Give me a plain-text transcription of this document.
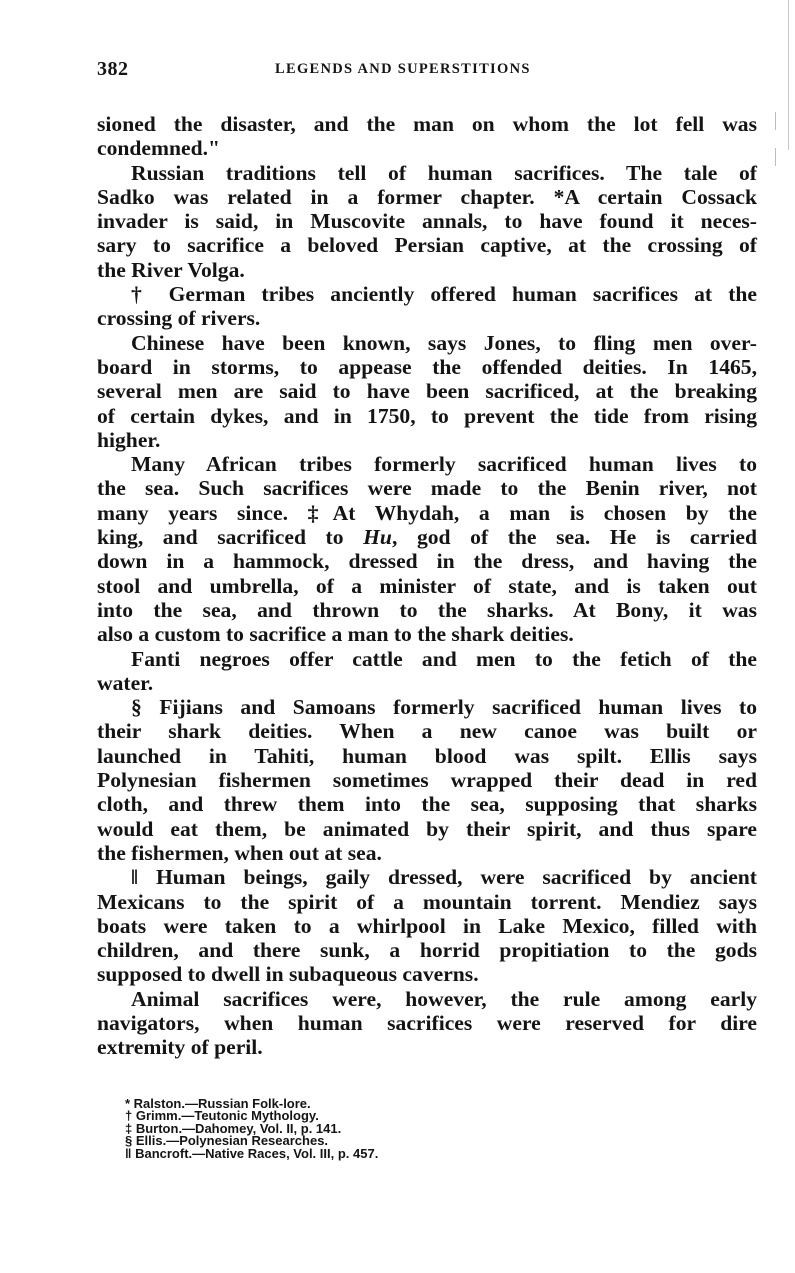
382	LEGENDS AND SUPERSTITIONS
sioned the disaster, and the man on whom the lot fell was
condemned."
Russian traditions tell of human sacrifices. The tale of
Sadko was related in a former chapter. *A certain Cossack
invader is said, in Muscovite annals, to have found it neces-
sary to sacrifice a beloved Persian captive, at the crossing of
the River Volga.
† German tribes anciently offered human sacrifices at the
crossing of rivers.
Chinese have been known, says Jones, to fling men over-
board in storms, to appease the offended deities. In 1465,
several men are said to have been sacrificed, at the breaking
of certain dykes, and in 1750, to prevent the tide from rising
higher.
Many African tribes formerly sacrificed human lives to
the sea. Such sacrifices were made to the Benin river, not
many years since. ‡At Whydah, a man is chosen by the
king, and sacrificed to Hu, god of the sea. He is carried
down in a hammock, dressed in the dress, and having the
stool and umbrella, of a minister of state, and is taken out
into the sea, and thrown to the sharks. At Bony, it was
also a custom to sacrifice a man to the shark deities.
Fanti negroes offer cattle and men to the fetich of the
water.
§ Fijians and Samoans formerly sacrificed human lives to
their shark deities. When a new canoe was built or
launched in Tahiti, human blood was spilt. Ellis says
Polynesian fishermen sometimes wrapped their dead in red
cloth, and threw them into the sea, supposing that sharks
would eat them, be animated by their spirit, and thus spare
the fishermen, when out at sea.
‖ Human beings, gaily dressed, were sacrificed by ancient
Mexicans to the spirit of a mountain torrent. Mendiez says
boats were taken to a whirlpool in Lake Mexico, filled with
children, and there sunk, a horrid propitiation to the gods
supposed to dwell in subaqueous caverns.
Animal sacrifices were, however, the rule among early
navigators, when human sacrifices were reserved for dire
extremity of peril.
* Ralston.—Russian Folk-lore.
† Grimm.—Teutonic Mythology.
‡ Burton.—Dahomey, Vol. II, p. 141.
§ Ellis.—Polynesian Researches.
‖ Bancroft.—Native Races, Vol. III, p. 457.
